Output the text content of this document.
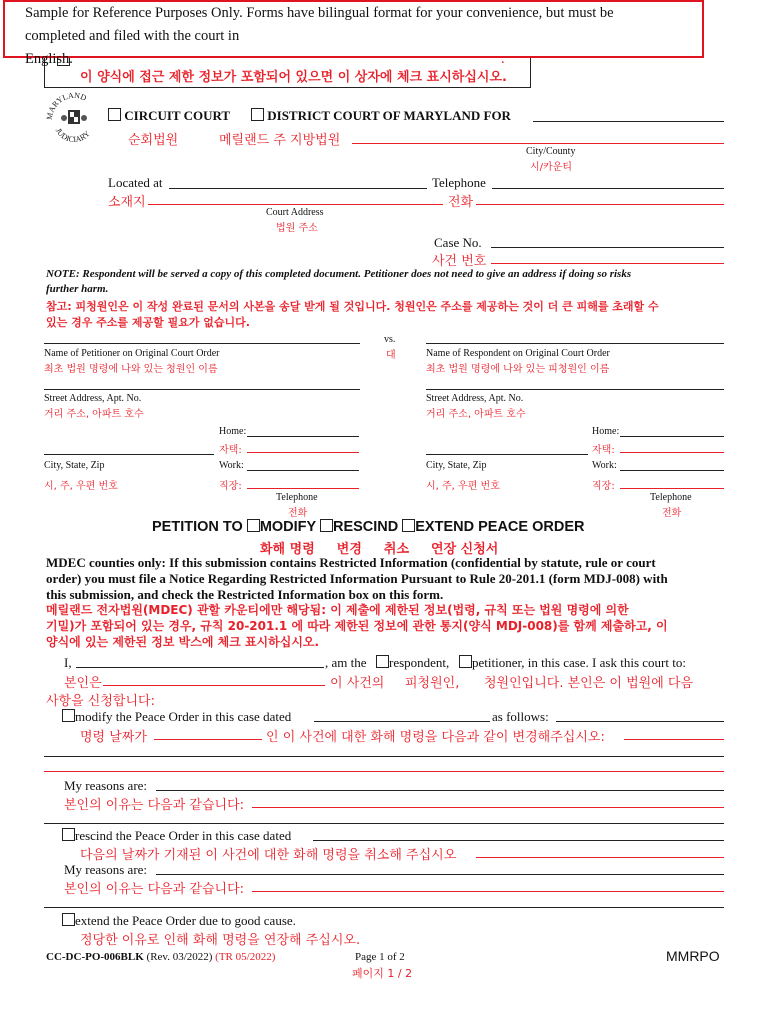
이 양식에 접근 제한 정보가 포함되어 있으면 이 상자에 체크 표시하십시오.
Sample for Reference Purposes Only. Forms have bilingual format for your convenience, but must be
completed and filed with the court in English.	.
MARYLAND
JUDICIARY
CIRCUIT COURT	DISTRICT COURT OF MARYLAND FOR
순회법원	메릴랜드 주 지방법원
City/County
시/카운티
Located at	Telephone
소재지	전화
Court Address
법원 주소
Case No.
사건 번호
NOTE: Respondent will be served a copy of this completed document. Petitioner does not need to give an address if doing so risks
further harm.
참고: 피청원인은 이 작성 완료된 문서의 사본을 송달 받게 될 것입니다. 청원인은 주소를 제공하는 것이 더 큰 피해를 초래할 수
있는 경우 주소를 제공할 필요가 없습니다.
vs.
대
Name of Petitioner on Original Court Order
최초 법원 명령에 나와 있는 청원인 이름
Name of Respondent on Original Court Order
최초 법원 명령에 나와 있는 피청원인 이름
Street Address, Apt. No.
거리 주소, 아파트 호수
Street Address, Apt. No.
거리 주소, 아파트 호수
Home:
자택:
City, State, Zip	Work:
시, 주, 우편 번호	직장:
Telephone
전화
Home:
자택:
City, State, Zip	Work:
시, 주, 우편 번호	직장:
Telephone
전화
PETITION TO MODIFY RESCIND EXTEND PEACE ORDER
화해 명령 변경 취소 연장 신청서
MDEC counties only: If this submission contains Restricted Information (confidential by statute, rule or court
order) you must file a Notice Regarding Restricted Information Pursuant to Rule 20-201.1 (form MDJ-008) with
this submission, and check the Restricted Information box on this form.
메릴랜드 전자법원(MDEC) 관할 카운티에만 해당됨: 이 제출에 제한된 정보(법령, 규칙 또는 법원 명령에 의한
기밀)가 포함되어 있는 경우, 규칙 20-201.1 에 따라 제한된 정보에 관한 통지(양식 MDJ-008)를 함께 제출하고, 이
양식에 있는 제한된 정보 박스에 체크 표시하십시오.
I,	, am the	respondent,	petitioner, in this case. I ask this court to:
본인은	이 사건의 피청원인, 청원인입니다. 본인은 이 법원에 다음
사항을 신청합니다:
modify the Peace Order in this case dated	as follows:
명령 날짜가	인 이 사건에 대한 화해 명령을 다음과 같이 변경해주십시오:
My reasons are:
본인의 이유는 다음과 같습니다:
rescind the Peace Order in this case dated
다음의 날짜가 기재된 이 사건에 대한 화해 명령을 취소해 주십시오
My reasons are:
본인의 이유는 다음과 같습니다:
extend the Peace Order due to good cause.
정당한 이유로 인해 화해 명령을 연장해 주십시오.
CC-DC-PO-006BLK (Rev. 03/2022) (TR 05/2022)	Page 1 of 2
페이지 1 / 2
MMRPO
